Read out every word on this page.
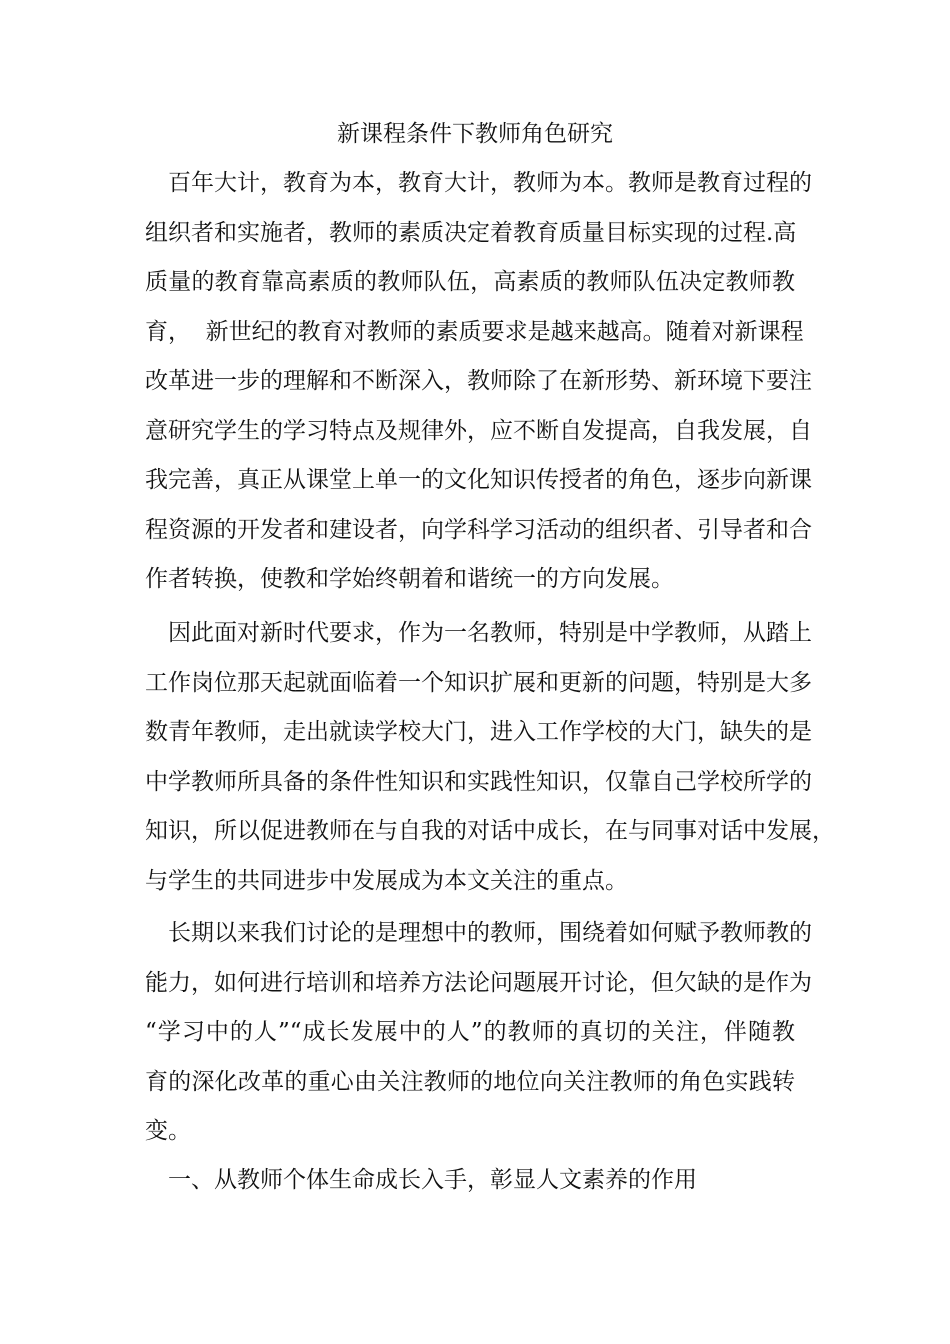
新课程条件下教师角色研究
百年大计，教育为本，教育大计，教师为本。教师是教育过程的
组织者和实施者，教师的素质决定着教育质量目标实现的过程.高
质量的教育靠高素质的教师队伍，高素质的教师队伍决定教师教
育，  新世纪的教育对教师的素质要求是越来越高。随着对新课程
改革进一步的理解和不断深入，教师除了在新形势、新环境下要注
意研究学生的学习特点及规律外，应不断自发提高，自我发展，自
我完善，真正从课堂上单一的文化知识传授者的角色，逐步向新课
程资源的开发者和建设者，向学科学习活动的组织者、引导者和合
作者转换，使教和学始终朝着和谐统一的方向发展。
因此面对新时代要求，作为一名教师，特别是中学教师，从踏上
工作岗位那天起就面临着一个知识扩展和更新的问题，特别是大多
数青年教师，走出就读学校大门，进入工作学校的大门，缺失的是
中学教师所具备的条件性知识和实践性知识，仅靠自己学校所学的
知识，所以促进教师在与自我的对话中成长，在与同事对话中发展，
与学生的共同进步中发展成为本文关注的重点。
长期以来我们讨论的是理想中的教师，围绕着如何赋予教师教的
能力，如何进行培训和培养方法论问题展开讨论，但欠缺的是作为
“学习中的人”“成长发展中的人”的教师的真切的关注，伴随教
育的深化改革的重心由关注教师的地位向关注教师的角色实践转
变。
一、从教师个体生命成长入手，彰显人文素养的作用
